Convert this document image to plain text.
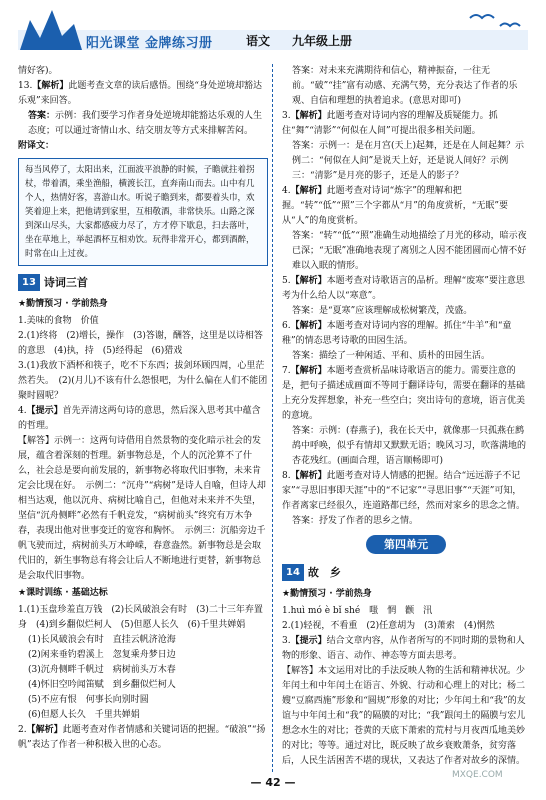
阳光课堂 金牌练习册	语文 九年级上册

情好客)。

13.【解析】此题考查文章的读后感悟。围绕“身处逆境却豁达乐观”来回答。

答案：示例：我们要学习作者身处逆境却能豁达乐观的人生态度；可以通过寄情山水、结交朋友等方式来排解苦闷。

附译文：

每当风停了，太阳出来，江面波平浪静的时候，子瞻就拄着拐杖，带着酒，乘坐渔船，横渡长江，直奔南山而去。山中有几个人，热情好客，喜游山水。听说子瞻到来，都要着头巾，欢笑着迎上来，把他请到家里，互相敬酒，非常快乐。山路之深到深山尽头，大家都感疲力尽了，方才停下歇息，扫去落叶，坐在草地上，举起酒杯互相劝饮。玩得非常开心，都到酒醉，时常在山上过夜。
13 诗词三首

★勤情预习 · 学前热身

1.美味的食物　价值

2.(1)终将　(2)增长，操作　(3)答谢，酬答，这里是以诗相答的意思　(4)执，持　(5)经得起　(6)猎戏

3.(1)我放下酒杯和筷子，吃不下东西；拔剑环顾四周，心里茫然若失。　(2)(月儿)不该有什么怨恨吧，为什么偏在人们不能团聚时圆呢？

4.【提示】首先弄清这两句诗的意思，然后深入思考其中蕴含的哲理。

【解答】示例一：这两句诗借用自然景物的变化暗示社会的发展，蕴含着深刻的哲理。新事物总是，个人的沉沦算不了什么，社会总是要向前发展的，新事物必将取代旧事物，未来肯定会比现在好。　示例二：“沉舟”“病树”是诗人自喻，但诗人却相当达观，他以沉舟、病树比喻自己，但他对未来并不失望，坚信“沉舟侧畔”必然有千帆竞发，“病树前头”终究有万木争春，表现出他对世事变迁的宽容和胸怀。　示例三：沉船旁边千帆飞驶而过，病树前头万木峥嵘，春意盎然。新事物总是会取代旧的，新生事物总有将会让后人不断地进行更替，新事物总是会取代旧事物。

★课时训练 · 基础达标

1.(1)玉盘珍羞直万钱　(2)长风破浪会有时　(3)二十三年弃置身　(4)到乡翻似烂柯人　(5)但愿人长久　(6)千里共婵娟

(1)长风破浪会有时　直挂云帆济沧海

(2)闲来垂钓碧溪上　忽复乘舟梦日边

(3)沉舟侧畔千帆过　病树前头万木春

(4)怀旧空吟闻笛赋　到乡翻似烂柯人

(5)不应有恨　何事长向别时圆

(6)但愿人长久　千里共婵娟

2.【解析】此题考查对作者情感和关键词语的把握。“破浪”“扬帆”表达了作者一种积极入世的心态。

答案：对未来充满期待和信心，精神振奋，一往无前。“破”“挂”富有动感、充满气势，充分表达了作者的乐观、自信和理想的执着追求。(意思对即可)

3.【解析】此题考查对诗词内容的理解及质疑能力。抓住“舞”“清影”“何似在人间”可提出很多相关问题。

答案：示例一：是在月宫(天上)起舞，还是在人间起舞？示例二：“何似在人间”是说天上好，还是说人间好？示例三：“清影”是月亮的影子，还是人的影子？

4.【解析】此题考查对诗词“炼字”的理解和把握。“转”“低”“照”三个字都从“月”的角度赏析，“无眠”要从“人”的角度赏析。

答案：“转”“低”“照”准确生动地描绘了月光的移动，暗示夜已深；“无眠”准确地表现了离别之人因不能团圆而心情不好难以入眠的情形。

5.【解析】本题考查对诗歌语言的品析。理解“废寒”要注意思考为什么给人以“寒意”。

答案：是“夏寒”应该理解成松树繁茂，茂盛。

6.【解析】本题考查对诗词内容的理解。抓住“牛羊”和“童稚”的情态思考诗歌的田园生活。

答案：描绘了一种闲适、平和、质朴的田园生活。

7.【解析】本题考查赏析品味诗歌语言的能力。需要注意的是，把句子描述成画面不等同于翻译诗句，需要在翻译的基础上充分发挥想象，补充一些空白；突出诗句的意境，语言优美的意境。

答案：示例：(春燕子)，我在长天中，就像那一只孤燕在鹧鸪中呼唤，似乎有情却又默默无语；晚风习习，吹落满地的杏花残红。(画面合理，语言顺畅即可)

8.【解析】此题考查对诗人情感的把握。结合“远远游子不记家”“寻思旧事即天涯”中的“不记家”“寻思旧事”“天涯”可知，作者离家已经很久，连道路都已经，然而对家乡的思念之情。

答案：抒发了作者的思乡之情。

第四单元
14 故　乡

★勤情预习 · 学前热身

1.huì mó è bǐ shé　嗤　惘　颧　汛

2.(1)轻视，不看重　(2)任意胡为　(3)萧索　(4)惘然

3.【提示】结合文章内容，从作者所写的不同时期的景物和人物的形象、语言、动作、神态等方面去思考。

【解答】本文运用对比的手法反映人物的生活和精神状况。少年闰土和中年闰土在语言、外貌、行动和心理上的对比；杨二嫂“豆腐西施”形象和“圆规”形象的对比；少年闰土和“我”的友谊与中年闰土和“我”的隔膜的对比；“我”跟闰土的隔膜与宏儿想念水生的对比；苍黄的天底下萧索的荒村与月夜西瓜地美妙的对比；等等。通过对比，既反映了故乡衰败萧条，贫穷落后，人民生活困苦不堪的现状，又表达了作者对故乡的深情。

— 42 —
MXQE.COM
